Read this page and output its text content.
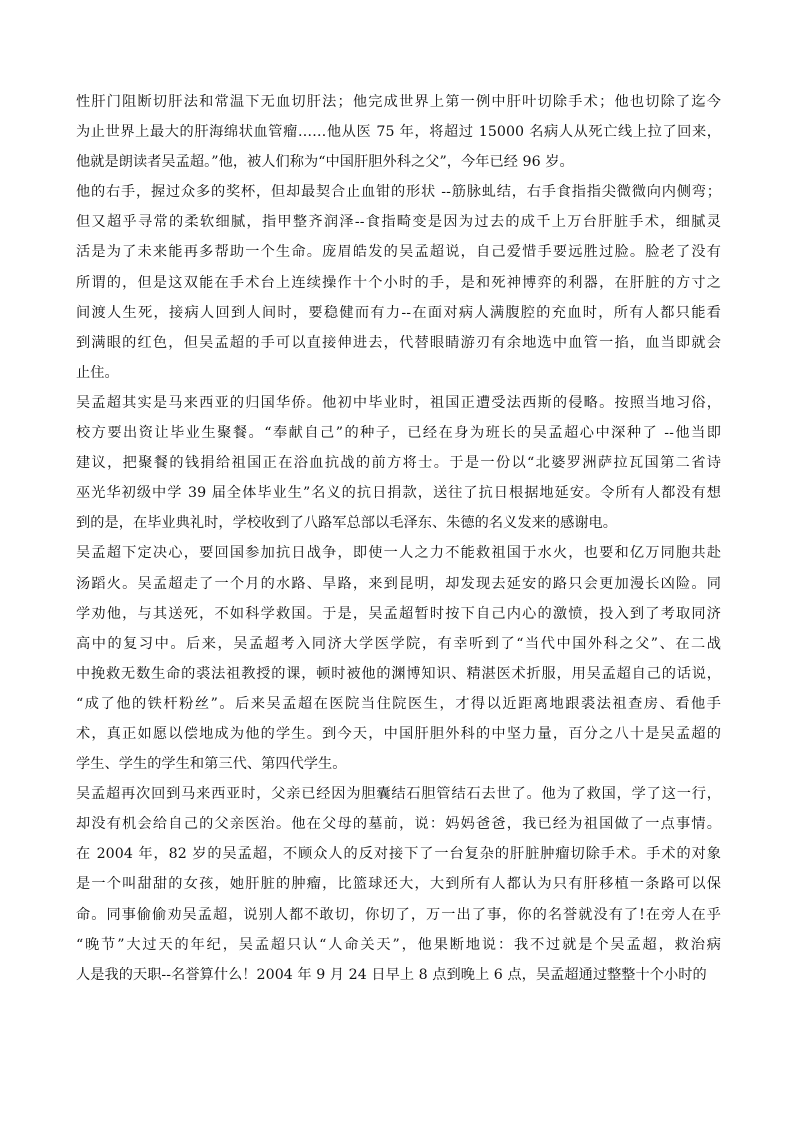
性肝门阻断切肝法和常温下无血切肝法；他完成世界上第一例中肝叶切除手术；他也切除了迄今
为止世界上最大的肝海绵状血管瘤……他从医 75 年，将超过 15000 名病人从死亡线上拉了回来，
他就是朗读者吴孟超。”他，被人们称为“中国肝胆外科之父”，今年已经 96 岁。
他的右手，握过众多的奖杯，但却最契合止血钳的形状 --筋脉虬结，右手食指指尖微微向内侧弯；
但又超乎寻常的柔软细腻，指甲整齐润泽--食指畸变是因为过去的成千上万台肝脏手术，细腻灵
活是为了未来能再多帮助一个生命。庞眉皓发的吴孟超说，自己爱惜手要远胜过脸。脸老了没有
所谓的，但是这双能在手术台上连续操作十个小时的手，是和死神博弈的利器，在肝脏的方寸之
间渡人生死，接病人回到人间时，要稳健而有力--在面对病人满腹腔的充血时，所有人都只能看
到满眼的红色，但吴孟超的手可以直接伸进去，代替眼睛游刃有余地选中血管一掐，血当即就会
止住。
吴孟超其实是马来西亚的归国华侨。他初中毕业时，祖国正遭受法西斯的侵略。按照当地习俗，
校方要出资让毕业生聚餐。“奉献自己”的种子，已经在身为班长的吴孟超心中深种了 --他当即
建议，把聚餐的钱捐给祖国正在浴血抗战的前方将士。于是一份以“北婆罗洲萨拉瓦国第二省诗
巫光华初级中学 39 届全体毕业生”名义的抗日捐款，送往了抗日根据地延安。令所有人都没有想
到的是，在毕业典礼时，学校收到了八路军总部以毛泽东、朱德的名义发来的感谢电。
吴孟超下定决心，要回国参加抗日战争，即使一人之力不能救祖国于水火，也要和亿万同胞共赴
汤蹈火。吴孟超走了一个月的水路、旱路，来到昆明，却发现去延安的路只会更加漫长凶险。同
学劝他，与其送死，不如科学救国。于是，吴孟超暂时按下自己内心的激愤，投入到了考取同济
高中的复习中。后来，吴孟超考入同济大学医学院，有幸听到了“当代中国外科之父”、在二战
中挽救无数生命的裘法祖教授的课，顿时被他的渊博知识、精湛医术折服，用吴孟超自己的话说，
“成了他的铁杆粉丝”。后来吴孟超在医院当住院医生，才得以近距离地跟裘法祖查房、看他手
术，真正如愿以偿地成为他的学生。到今天，中国肝胆外科的中坚力量，百分之八十是吴孟超的
学生、学生的学生和第三代、第四代学生。
吴孟超再次回到马来西亚时，父亲已经因为胆囊结石胆管结石去世了。他为了救国，学了这一行，
却没有机会给自己的父亲医治。他在父母的墓前，说：妈妈爸爸，我已经为祖国做了一点事情。
在 2004 年，82 岁的吴孟超，不顾众人的反对接下了一台复杂的肝脏肿瘤切除手术。手术的对象
是一个叫甜甜的女孩，她肝脏的肿瘤，比篮球还大，大到所有人都认为只有肝移植一条路可以保
命。同事偷偷劝吴孟超，说别人都不敢切，你切了，万一出了事，你的名誉就没有了!在旁人在乎
“晚节”大过天的年纪，吴孟超只认“人命关天”，他果断地说：我不过就是个吴孟超，救治病
人是我的天职--名誉算什么！2004 年 9 月 24 日早上 8 点到晚上 6 点，吴孟超通过整整十个小时的
